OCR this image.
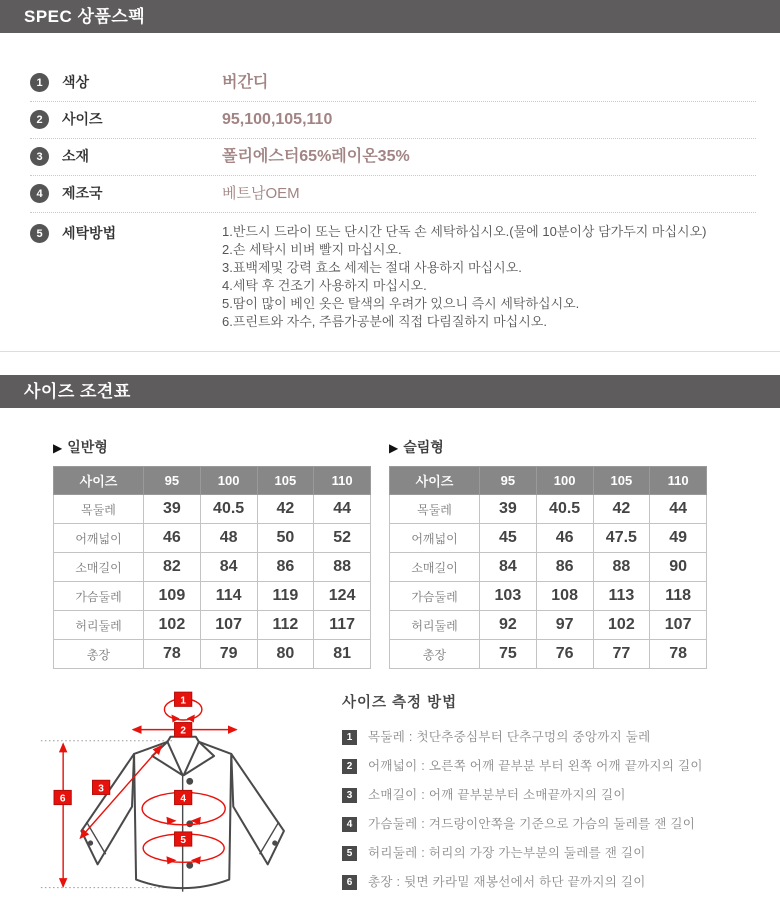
SPEC 상품스펙
1	색상	버간디
2	사이즈	95,100,105,110
3	소재	폴리에스터65%레이온35%
4	제조국	베트남OEM
5	세탁방법	1.반드시 드라이 또는 단시간 단독 손 세탁하십시오.(물에 10분이상 담가두지 마십시오)
2.손 세탁시 비벼 빨지 마십시오.
3.표백제및 강력 효소 세제는 절대 사용하지 마십시오.
4.세탁 후 건조기 사용하지 마십시오.
5.땀이 많이 베인 옷은 탈색의 우려가 있으니 즉시 세탁하십시오.
6.프린트와 자수, 주름가공분에 직접 다림질하지 마십시오.
사이즈 조견표
▶ 일반형
사이즈	95	100	105	110
목둘레	39	40.5	42	44
어깨넓이	46	48	50	52
소매길이	82	84	86	88
가슴둘레	109	114	119	124
허리둘레	102	107	112	117
총장	78	79	80	81
▶ 슬림형
사이즈	95	100	105	110
목둘레	39	40.5	42	44
어깨넓이	45	46	47.5	49
소매길이	84	86	88	90
가슴둘레	103	108	113	118
허리둘레	92	97	102	107
총장	75	76	77	78
1
2
3
4
5
6
사이즈 측정 방법
1	목둘레 : 첫단추중심부터 단추구멍의 중앙까지 둘레
2	어깨넓이 : 오른쪽 어깨 끝부분 부터 왼쪽 어깨 끝까지의 길이
3	소매길이 : 어깨 끝부분부터 소매끝까지의 길이
4	가슴둘레 : 겨드랑이안쪽을 기준으로 가슴의 둘레를 잰 길이
5	허리둘레 : 허리의 가장 가는부분의 둘레를 잰 길이
6	총장 : 뒷면 카라밑 재봉선에서 하단 끝까지의 길이
